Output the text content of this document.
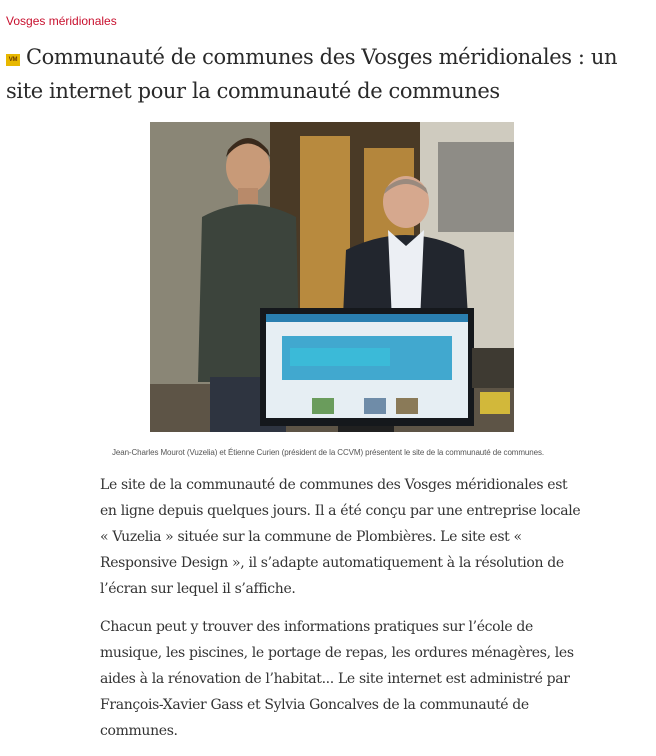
Vosges méridionales
VM Communauté de communes des Vosges méridionales : un site internet pour la communauté de communes
Jean-Charles Mourot (Vuzelia) et Étienne Curien (président de la CCVM) présentent le site de la communauté de communes.

Le site de la communauté de communes des Vosges méridionales est en ligne depuis quelques jours. Il a été conçu par une entreprise locale « Vuzelia » située sur la commune de Plombières. Le site est « Responsive Design », il s’adapte automatiquement à la résolution de l’écran sur lequel il s’affiche.

Chacun peut y trouver des informations pratiques sur l’école de musique, les piscines, le portage de repas, les ordures ménagères, les aides à la rénovation de l’habitat... Le site internet est administré par François-Xavier Gass et Sylvia Goncalves de la communauté de communes.
